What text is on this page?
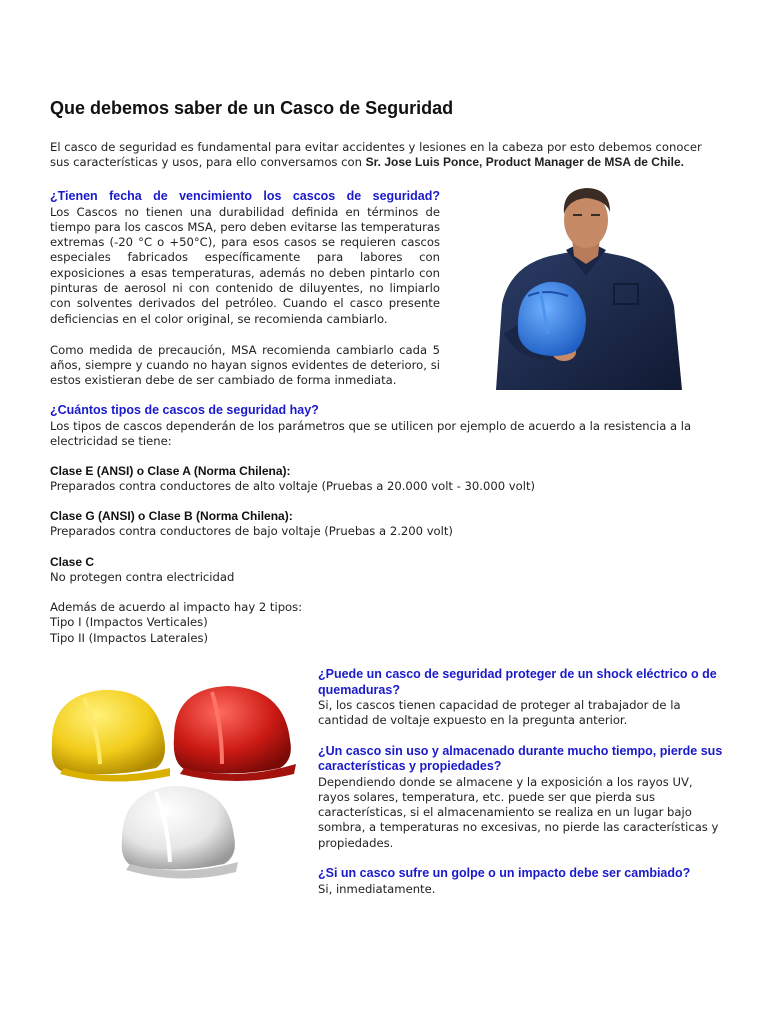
Que debemos saber de un Casco de Seguridad
El casco de seguridad es fundamental para evitar accidentes y lesiones en la cabeza por esto debemos conocer sus características y usos, para ello conversamos con Sr. Jose Luis Ponce, Product Manager de MSA de Chile.
¿Tienen fecha de vencimiento los cascos de seguridad?
Los Cascos no tienen una durabilidad definida en términos de tiempo para los cascos MSA, pero deben evitarse las temperaturas extremas (-20 °C o +50°C), para esos casos se requieren cascos especiales fabricados específicamente para labores con exposiciones a esas temperaturas, además no deben pintarlo con pinturas de aerosol ni con contenido de diluyentes, no limpiarlo con solventes derivados del petróleo. Cuando el casco presente deficiencias en el color original, se recomienda cambiarlo.
Como medida de precaución, MSA recomienda cambiarlo cada 5 años, siempre y cuando no hayan signos evidentes de deterioro, si estos existieran debe de ser cambiado de forma inmediata.
¿Cuántos tipos de cascos de seguridad hay?
Los tipos de cascos dependerán de los parámetros que se utilicen por ejemplo de acuerdo a la resistencia a la electricidad se tiene:
Clase E (ANSI) o Clase A (Norma Chilena):
Preparados contra conductores de alto voltaje (Pruebas a 20.000 volt - 30.000 volt)
Clase G (ANSI) o Clase B (Norma Chilena):
Preparados contra conductores de bajo voltaje (Pruebas a 2.200 volt)
Clase C
No protegen contra electricidad
Además de acuerdo al impacto hay 2 tipos:
Tipo I (Impactos Verticales)
Tipo II (Impactos Laterales)
¿Puede un casco de seguridad proteger de un shock eléctrico o de quemaduras?
Si, los cascos tienen capacidad de proteger al trabajador de la cantidad de voltaje expuesto en la pregunta anterior.
¿Un casco sin uso y almacenado durante mucho tiempo, pierde sus características y propiedades?
Dependiendo donde se almacene y la exposición a los rayos UV, rayos solares, temperatura, etc. puede ser que pierda sus características, si el almacenamiento se realiza en un lugar bajo sombra, a temperaturas no excesivas, no pierde las características y propiedades.
¿Si un casco sufre un golpe o un impacto debe ser cambiado?
Si, inmediatamente.
